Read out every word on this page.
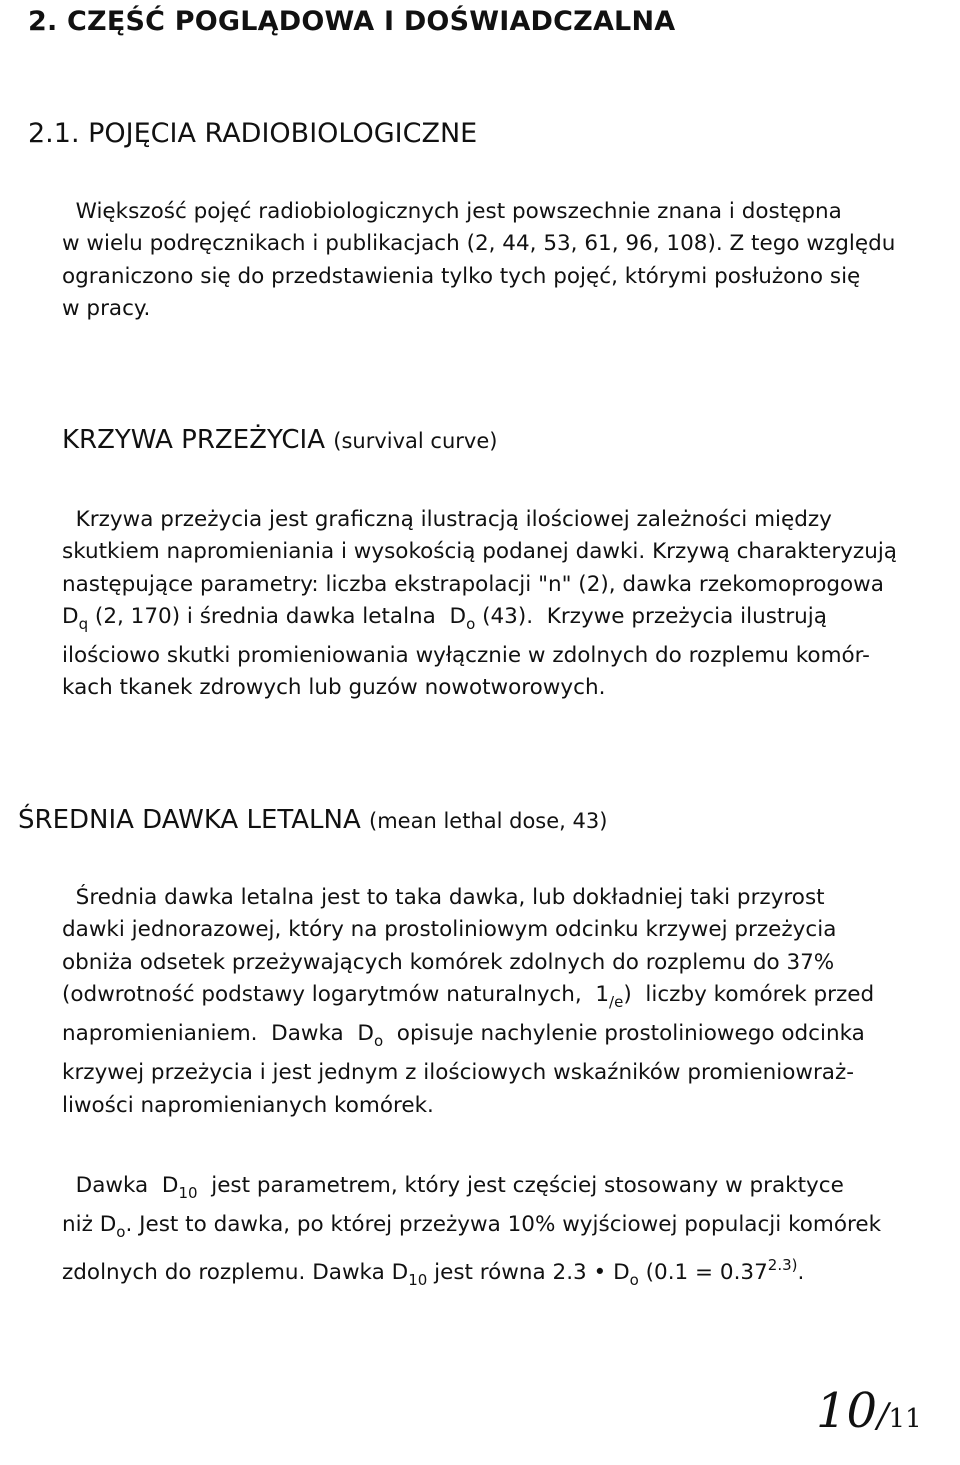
2. CZĘŚĆ POGLĄDOWA I DOŚWIADCZALNA
2.1. POJĘCIA RADIOBIOLOGICZNE
Większość pojęć radiobiologicznych jest powszechnie znana i dostępna
w wielu podręcznikach i publikacjach (2, 44, 53, 61, 96, 108). Z tego względu
ograniczono się do przedstawienia tylko tych pojęć, którymi posłużono się
w pracy.
KRZYWA PRZEŻYCIA (survival curve)
Krzywa przeżycia jest graficzną ilustracją ilościowej zależności między
skutkiem napromieniania i wysokością podanej dawki. Krzywą charakteryzują
następujące parametry: liczba ekstrapolacji "n" (2), dawka rzekomoprogowa
$D_q$ (2, 170) i średnia dawka letalna  $D_o$ (43).  Krzywe przeżycia ilustrują
ilościowo skutki promieniowania wyłącznie w zdolnych do rozplemu komór-
kach tkanek zdrowych lub guzów nowotworowych.
ŚREDNIA DAWKA LETALNA (mean lethal dose, 43)
Średnia dawka letalna jest to taka dawka, lub dokładniej taki przyrost
dawki jednorazowej, który na prostoliniowym odcinku krzywej przeżycia
obniża odsetek przeżywających komórek zdolnych do rozplemu do 37%
(odwrotność podstawy logarytmów naturalnych,  $1_{/e}$)  liczby komórek przed
napromienianiem.  Dawka  $D_o$  opisuje nachylenie prostoliniowego odcinka
krzywej przeżycia i jest jednym z ilościowych wskaźników promieniowraż-
liwości napromienianych komórek.
Dawka  $D_{10}$  jest parametrem, który jest częściej stosowany w praktyce
niż $D_o$. Jest to dawka, po której przeżywa 10% wyjściowej populacji komórek
zdolnych do rozplemu. Dawka $D_{10}$ jest równa 2.3 • $D_o$ ($0.1 = 0.37^{2.3)}$.
10/11
